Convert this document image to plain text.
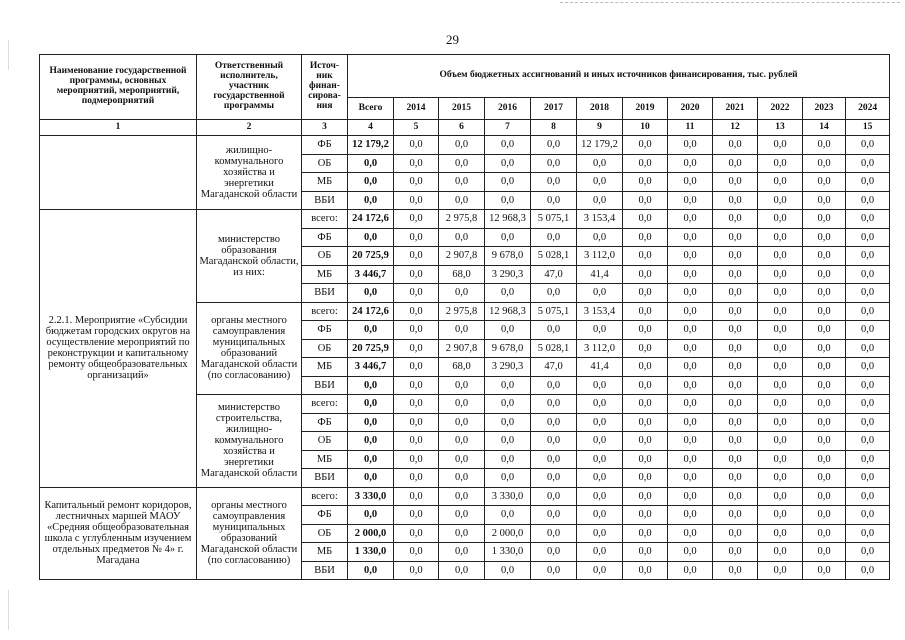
29
Наименование государственной программы, основных мероприятий, мероприятий, подмероприятий	Ответственный исполнитель, участник государственной программы	Источ-ник финан-сирова-ния	Объем бюджетных ассигнований и иных источников финансирования, тыс. рублей											
			Всего	2014	2015	2016	2017	2018	2019	2020	2021	2022	2023	2024
1	2	3	4	5	6	7	8	9	10	11	12	13	14	15
	жилищно-коммунального хозяйства и энергетики Магаданской области	ФБ	12 179,2	0,0	0,0	0,0	0,0	12 179,2	0,0	0,0	0,0	0,0	0,0	0,0
		ОБ	0,0	0,0	0,0	0,0	0,0	0,0	0,0	0,0	0,0	0,0	0,0	0,0
		МБ	0,0	0,0	0,0	0,0	0,0	0,0	0,0	0,0	0,0	0,0	0,0	0,0
		ВБИ	0,0	0,0	0,0	0,0	0,0	0,0	0,0	0,0	0,0	0,0	0,0	0,0
2.2.1. Мероприятие «Субсидии бюджетам городских округов на осуществление мероприятий по реконструкции и капитальному ремонту общеобразовательных организаций»	министерство образования Магаданской области, из них:	всего:	24 172,6	0,0	2 975,8	12 968,3	5 075,1	3 153,4	0,0	0,0	0,0	0,0	0,0	0,0
		ФБ	0,0	0,0	0,0	0,0	0,0	0,0	0,0	0,0	0,0	0,0	0,0	0,0
		ОБ	20 725,9	0,0	2 907,8	9 678,0	5 028,1	3 112,0	0,0	0,0	0,0	0,0	0,0	0,0
		МБ	3 446,7	0,0	68,0	3 290,3	47,0	41,4	0,0	0,0	0,0	0,0	0,0	0,0
		ВБИ	0,0	0,0	0,0	0,0	0,0	0,0	0,0	0,0	0,0	0,0	0,0	0,0
	органы местного самоуправления муниципальных образований Магаданской области (по согласованию)	всего:	24 172,6	0,0	2 975,8	12 968,3	5 075,1	3 153,4	0,0	0,0	0,0	0,0	0,0	0,0
		ФБ	0,0	0,0	0,0	0,0	0,0	0,0	0,0	0,0	0,0	0,0	0,0	0,0
		ОБ	20 725,9	0,0	2 907,8	9 678,0	5 028,1	3 112,0	0,0	0,0	0,0	0,0	0,0	0,0
		МБ	3 446,7	0,0	68,0	3 290,3	47,0	41,4	0,0	0,0	0,0	0,0	0,0	0,0
		ВБИ	0,0	0,0	0,0	0,0	0,0	0,0	0,0	0,0	0,0	0,0	0,0	0,0
	министерство строительства, жилищно-коммунального хозяйства и энергетики Магаданской области	всего:	0,0	0,0	0,0	0,0	0,0	0,0	0,0	0,0	0,0	0,0	0,0	0,0
		ФБ	0,0	0,0	0,0	0,0	0,0	0,0	0,0	0,0	0,0	0,0	0,0	0,0
		ОБ	0,0	0,0	0,0	0,0	0,0	0,0	0,0	0,0	0,0	0,0	0,0	0,0
		МБ	0,0	0,0	0,0	0,0	0,0	0,0	0,0	0,0	0,0	0,0	0,0	0,0
		ВБИ	0,0	0,0	0,0	0,0	0,0	0,0	0,0	0,0	0,0	0,0	0,0	0,0
Капитальный ремонт коридоров, лестничных маршей МАОУ «Средняя общеобразовательная школа с углубленным изучением отдельных предметов № 4» г. Магадана	органы местного самоуправления муниципальных образований Магаданской области (по согласованию)	всего:	3 330,0	0,0	0,0	3 330,0	0,0	0,0	0,0	0,0	0,0	0,0	0,0	0,0
		ФБ	0,0	0,0	0,0	0,0	0,0	0,0	0,0	0,0	0,0	0,0	0,0	0,0
		ОБ	2 000,0	0,0	0,0	2 000,0	0,0	0,0	0,0	0,0	0,0	0,0	0,0	0,0
		МБ	1 330,0	0,0	0,0	1 330,0	0,0	0,0	0,0	0,0	0,0	0,0	0,0	0,0
		ВБИ	0,0	0,0	0,0	0,0	0,0	0,0	0,0	0,0	0,0	0,0	0,0	0,0
